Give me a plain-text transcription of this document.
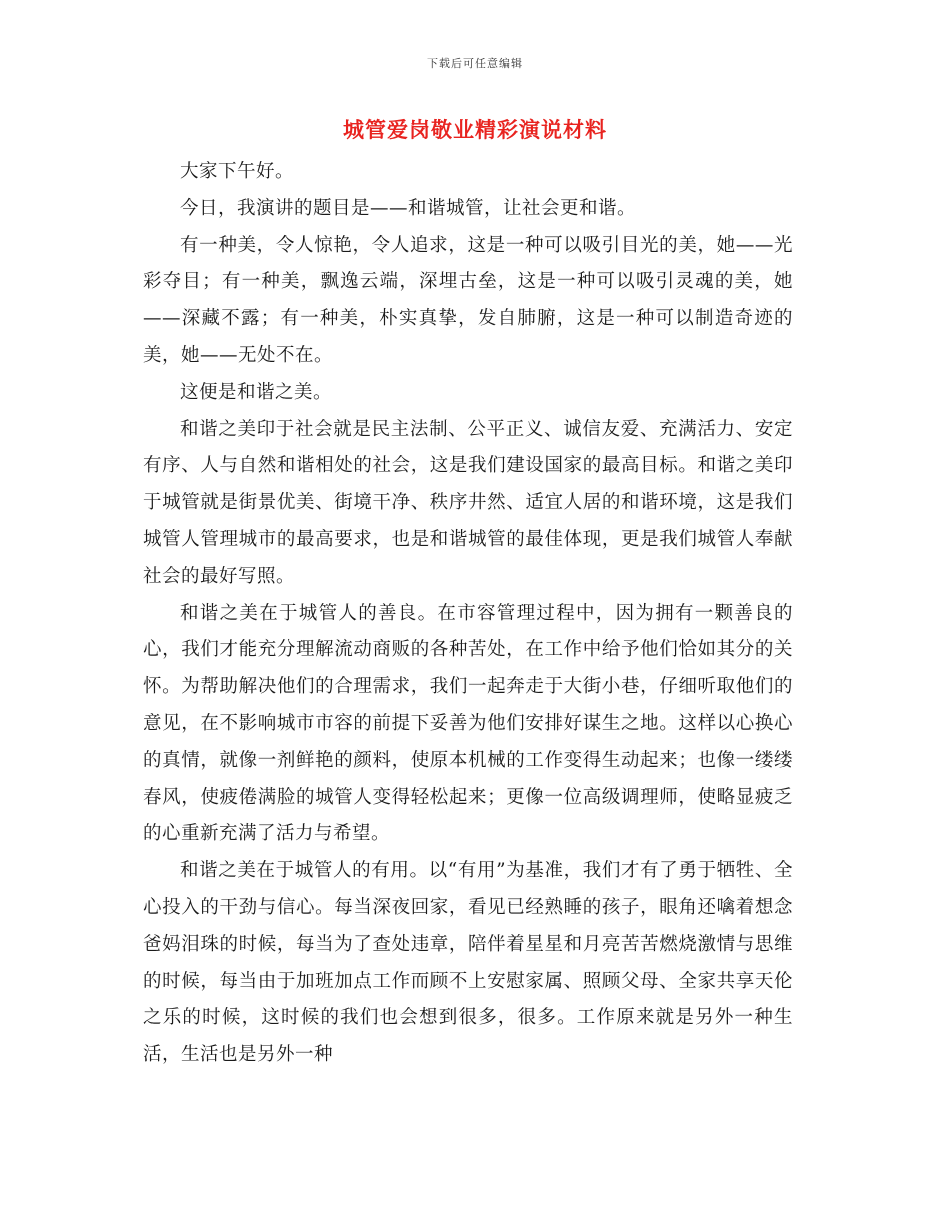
下载后可任意编辑
城管爱岗敬业精彩演说材料

大家下午好。

今日，我演讲的题目是——和谐城管，让社会更和谐。

有一种美，令人惊艳，令人追求，这是一种可以吸引目光的美，她——光彩夺目；有一种美，飘逸云端，深埋古垒，这是一种可以吸引灵魂的美，她——深藏不露；有一种美，朴实真挚，发自肺腑，这是一种可以制造奇迹的美，她——无处不在。

这便是和谐之美。

和谐之美印于社会就是民主法制、公平正义、诚信友爱、充满活力、安定有序、人与自然和谐相处的社会，这是我们建设国家的最高目标。和谐之美印于城管就是街景优美、街境干净、秩序井然、适宜人居的和谐环境，这是我们城管人管理城市的最高要求，也是和谐城管的最佳体现，更是我们城管人奉献社会的最好写照。

和谐之美在于城管人的善良。在市容管理过程中，因为拥有一颗善良的心，我们才能充分理解流动商贩的各种苦处，在工作中给予他们恰如其分的关怀。为帮助解决他们的合理需求，我们一起奔走于大街小巷，仔细听取他们的意见，在不影响城市市容的前提下妥善为他们安排好谋生之地。这样以心换心的真情，就像一剂鲜艳的颜料，使原本机械的工作变得生动起来；也像一缕缕春风，使疲倦满脸的城管人变得轻松起来；更像一位高级调理师，使略显疲乏的心重新充满了活力与希望。

和谐之美在于城管人的有用。以“有用”为基准，我们才有了勇于牺牲、全心投入的干劲与信心。每当深夜回家，看见已经熟睡的孩子，眼角还噙着想念爸妈泪珠的时候，每当为了查处违章，陪伴着星星和月亮苦苦燃烧激情与思维的时候，每当由于加班加点工作而顾不上安慰家属、照顾父母、全家共享天伦之乐的时候，这时候的我们也会想到很多，很多。工作原来就是另外一种生活，生活也是另外一种
